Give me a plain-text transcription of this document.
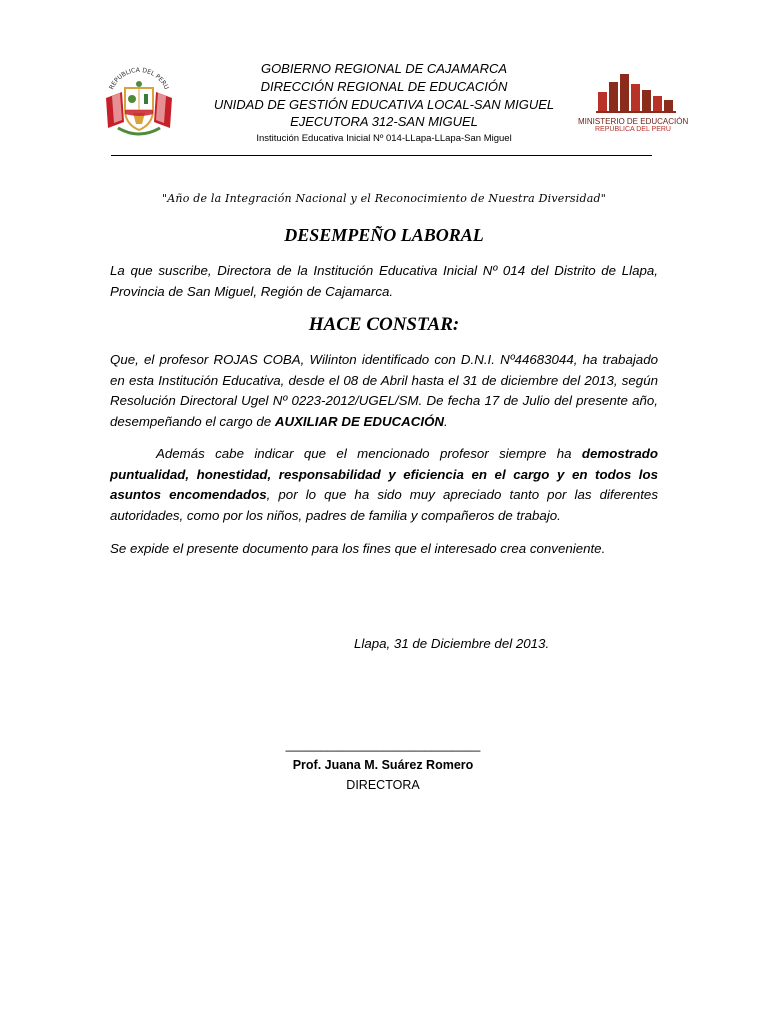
REPUBLICA DEL PERU
GOBIERNO REGIONAL DE CAJAMARCA
DIRECCIÓN REGIONAL DE EDUCACIÓN
UNIDAD DE GESTIÓN EDUCATIVA LOCAL-SAN MIGUEL
EJECUTORA 312-SAN MIGUEL
Institución Educativa Inicial Nº 014-LLapa-LLapa-San Miguel
MINISTERIO DE EDUCACIÓN
REPÚBLICA DEL PERÚ
"Año de la Integración Nacional y el Reconocimiento de Nuestra Diversidad"
DESEMPEÑO LABORAL

La que suscribe, Directora de la Institución Educativa Inicial Nº 014 del Distrito de Llapa, Provincia de San Miguel, Región de Cajamarca.

HACE CONSTAR:

Que, el profesor ROJAS COBA, Wilinton identificado con D.N.I. Nº44683044, ha trabajado en esta Institución Educativa, desde el 08 de Abril hasta el 31 de diciembre del 2013, según Resolución Directoral Ugel Nº 0223-2012/UGEL/SM. De fecha 17 de Julio del presente año, desempeñando el cargo de AUXILIAR DE EDUCACIÓN.

Además cabe indicar que el mencionado profesor siempre ha demostrado puntualidad, honestidad, responsabilidad y eficiencia en el cargo y en todos los asuntos encomendados, por lo que ha sido muy apreciado tanto por las diferentes autoridades, como por los niños, padres de familia y compañeros de trabajo.

Se expide el presente documento para los fines que el interesado crea conveniente.

Llapa, 31 de Diciembre del 2013.
____________________________
Prof. Juana M. Suárez Romero
DIRECTORA
